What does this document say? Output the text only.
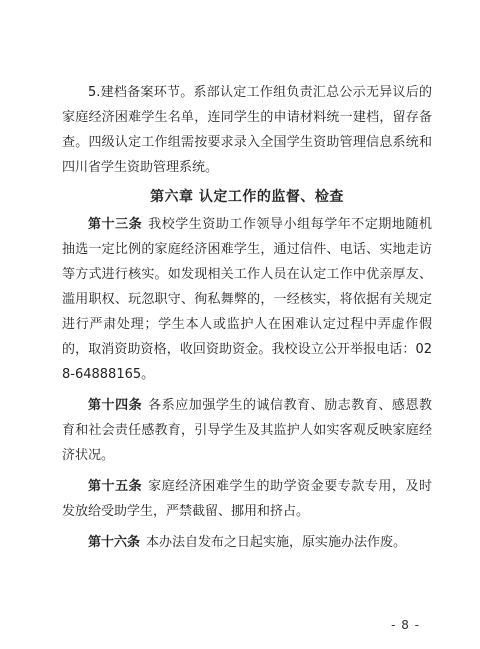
5.建档备案环节。系部认定工作组负责汇总公示无异议后的家庭经济困难学生名单，连同学生的申请材料统一建档，留存备查。四级认定工作组需按要求录入全国学生资助管理信息系统和四川省学生资助管理系统。

第六章 认定工作的监督、检查

第十三条 我校学生资助工作领导小组每学年不定期地随机抽选一定比例的家庭经济困难学生，通过信件、电话、实地走访等方式进行核实。如发现相关工作人员在认定工作中优亲厚友、滥用职权、玩忽职守、徇私舞弊的，一经核实，将依据有关规定进行严肃处理；学生本人或监护人在困难认定过程中弄虚作假的，取消资助资格，收回资助资金。我校设立公开举报电话：028-64888165。

第十四条 各系应加强学生的诚信教育、励志教育、感恩教育和社会责任感教育，引导学生及其监护人如实客观反映家庭经济状况。

第十五条 家庭经济困难学生的助学资金要专款专用，及时发放给受助学生，严禁截留、挪用和挤占。

第十六条 本办法自发布之日起实施，原实施办法作废。

- 8 -
